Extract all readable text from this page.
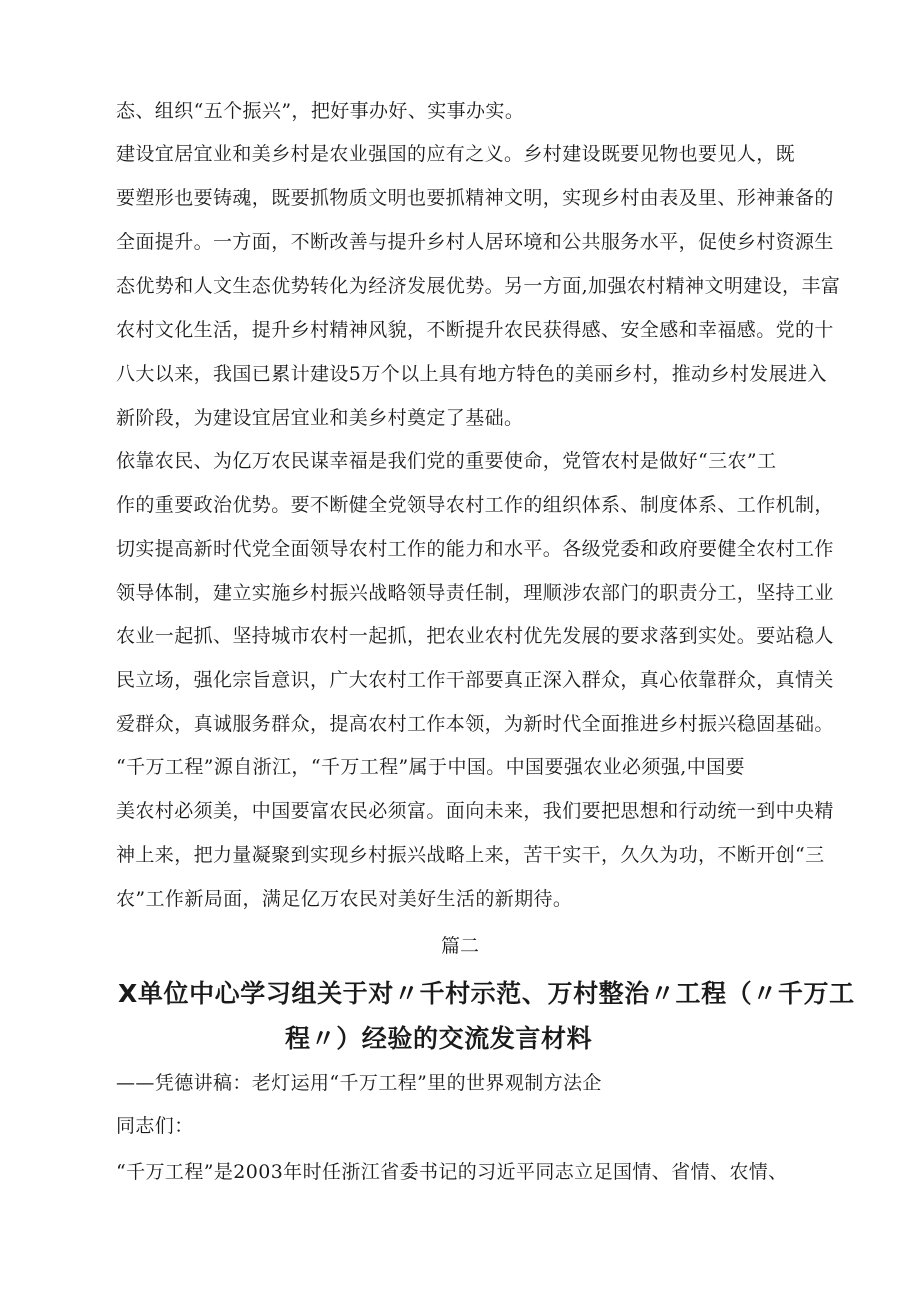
态、组织“五个振兴”，把好事办好、实事办实。
建设宜居宜业和美乡村是农业强国的应有之义。乡村建设既要见物也要见人，既
要塑形也要铸魂，既要抓物质文明也要抓精神文明，实现乡村由表及里、形神兼备的
全面提升。一方面，不断改善与提升乡村人居环境和公共服务水平，促使乡村资源生
态优势和人文生态优势转化为经济发展优势。另一方面,加强农村精神文明建设，丰富
农村文化生活，提升乡村精神风貌，不断提升农民获得感、安全感和幸福感。党的十
八大以来，我国已累计建设5万个以上具有地方特色的美丽乡村，推动乡村发展进入
新阶段，为建设宜居宜业和美乡村奠定了基础。
依靠农民、为亿万农民谋幸福是我们党的重要使命，党管农村是做好“三农”工
作的重要政治优势。要不断健全党领导农村工作的组织体系、制度体系、工作机制，
切实提高新时代党全面领导农村工作的能力和水平。各级党委和政府要健全农村工作
领导体制，建立实施乡村振兴战略领导责任制，理顺涉农部门的职责分工，坚持工业
农业一起抓、坚持城市农村一起抓，把农业农村优先发展的要求落到实处。要站稳人
民立场，强化宗旨意识，广大农村工作干部要真正深入群众，真心依靠群众，真情关
爱群众，真诚服务群众，提高农村工作本领，为新时代全面推进乡村振兴稳固基础。
“千万工程”源自浙江，“千万工程”属于中国。中国要强农业必须强,中国要
美农村必须美，中国要富农民必须富。面向未来，我们要把思想和行动统一到中央精
神上来，把力量凝聚到实现乡村振兴战略上来，苦干实干，久久为功，不断开创“三
农”工作新局面，满足亿万农民对美好生活的新期待。
篇二
X单位中心学习组关于对〃千村示范、万村整治〃工程（〃千万工
程〃）经验的交流发言材料
——凭德讲稿：老灯运用“千万工程”里的世界观制方法企
同志们：
“千万工程”是2003年时任浙江省委书记的习近平同志立足国情、省情、农情、
